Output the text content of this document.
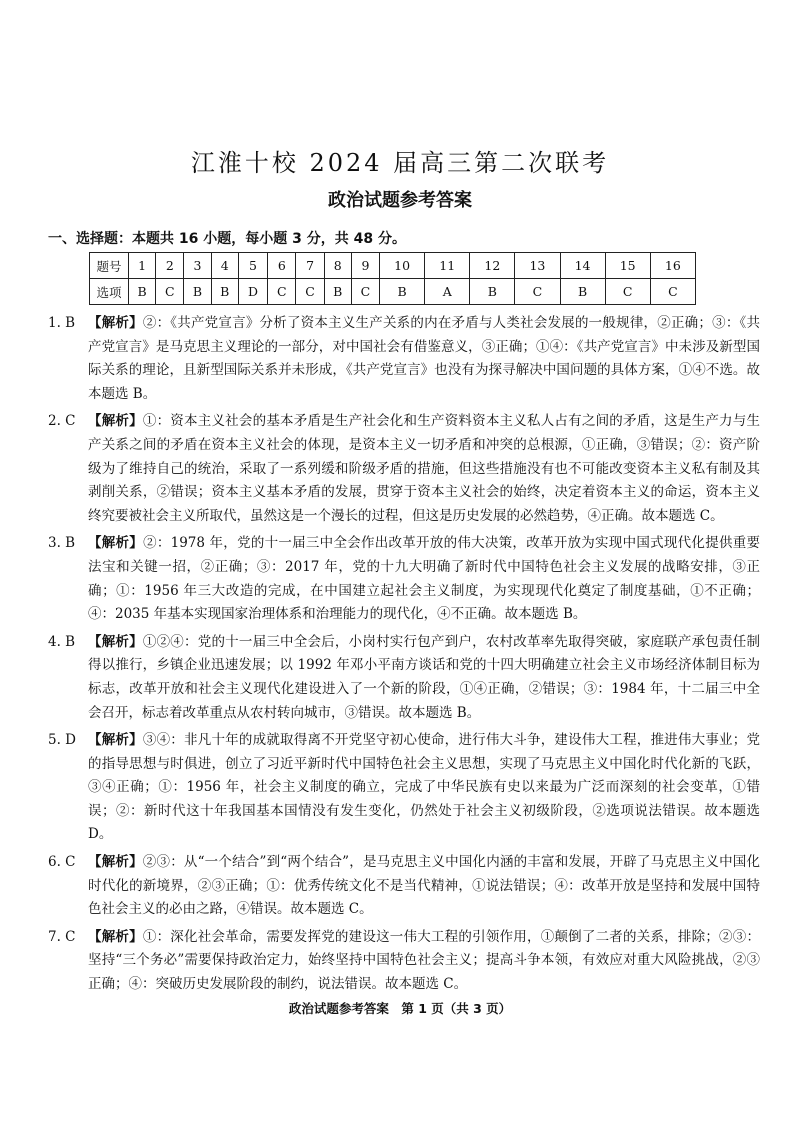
江淮十校 2024 届高三第二次联考
政治试题参考答案
一、选择题：本题共 16 小题，每小题 3 分，共 48 分。
题号	1	2	3	4	5	6	7	8	9	10	11	12	13	14	15	16
选项	B	C	B	B	D	C	C	B	C	B	A	B	C	B	C	C
1. B 【解析】②：《共产党宣言》分析了资本主义生产关系的内在矛盾与人类社会发展的一般规律，②正确；③：《共产党宣言》是马克思主义理论的一部分，对中国社会有借鉴意义，③正确；①④：《共产党宣言》中未涉及新型国际关系的理论，且新型国际关系并未形成，《共产党宣言》也没有为探寻解决中国问题的具体方案，①④不选。故本题选 B。
2. C 【解析】①：资本主义社会的基本矛盾是生产社会化和生产资料资本主义私人占有之间的矛盾，这是生产力与生产关系之间的矛盾在资本主义社会的体现，是资本主义一切矛盾和冲突的总根源，①正确，③错误；②：资产阶级为了维持自己的统治，采取了一系列缓和阶级矛盾的措施，但这些措施没有也不可能改变资本主义私有制及其剥削关系，②错误；资本主义基本矛盾的发展，贯穿于资本主义社会的始终，决定着资本主义的命运，资本主义终究要被社会主义所取代，虽然这是一个漫长的过程，但这是历史发展的必然趋势，④正确。故本题选 C。
3. B 【解析】②：1978 年，党的十一届三中全会作出改革开放的伟大决策，改革开放为实现中国式现代化提供重要法宝和关键一招，②正确；③：2017 年，党的十九大明确了新时代中国特色社会主义发展的战略安排，③正确；①：1956 年三大改造的完成，在中国建立起社会主义制度，为实现现代化奠定了制度基础，①不正确；④：2035 年基本实现国家治理体系和治理能力的现代化，④不正确。故本题选 B。
4. B 【解析】①②④：党的十一届三中全会后，小岗村实行包产到户，农村改革率先取得突破，家庭联产承包责任制得以推行，乡镇企业迅速发展；以 1992 年邓小平南方谈话和党的十四大明确建立社会主义市场经济体制目标为标志，改革开放和社会主义现代化建设进入了一个新的阶段，①④正确，②错误；③：1984 年，十二届三中全会召开，标志着改革重点从农村转向城市，③错误。故本题选 B。
5. D 【解析】③④：非凡十年的成就取得离不开党坚守初心使命，进行伟大斗争，建设伟大工程，推进伟大事业；党的指导思想与时俱进，创立了习近平新时代中国特色社会主义思想，实现了马克思主义中国化时代化新的飞跃，③④正确；①：1956 年，社会主义制度的确立，完成了中华民族有史以来最为广泛而深刻的社会变革，①错误；②：新时代这十年我国基本国情没有发生变化，仍然处于社会主义初级阶段，②选项说法错误。故本题选 D。
6. C 【解析】②③：从“一个结合”到“两个结合”，是马克思主义中国化内涵的丰富和发展，开辟了马克思主义中国化时代化的新境界，②③正确；①：优秀传统文化不是当代精神，①说法错误；④：改革开放是坚持和发展中国特色社会主义的必由之路，④错误。故本题选 C。
7. C 【解析】①：深化社会革命，需要发挥党的建设这一伟大工程的引领作用，①颠倒了二者的关系，排除；②③：坚持“三个务必”需要保持政治定力，始终坚持中国特色社会主义；提高斗争本领，有效应对重大风险挑战，②③正确；④：突破历史发展阶段的制约，说法错误。故本题选 C。
政治试题参考答案　第 1 页（共 3 页）
